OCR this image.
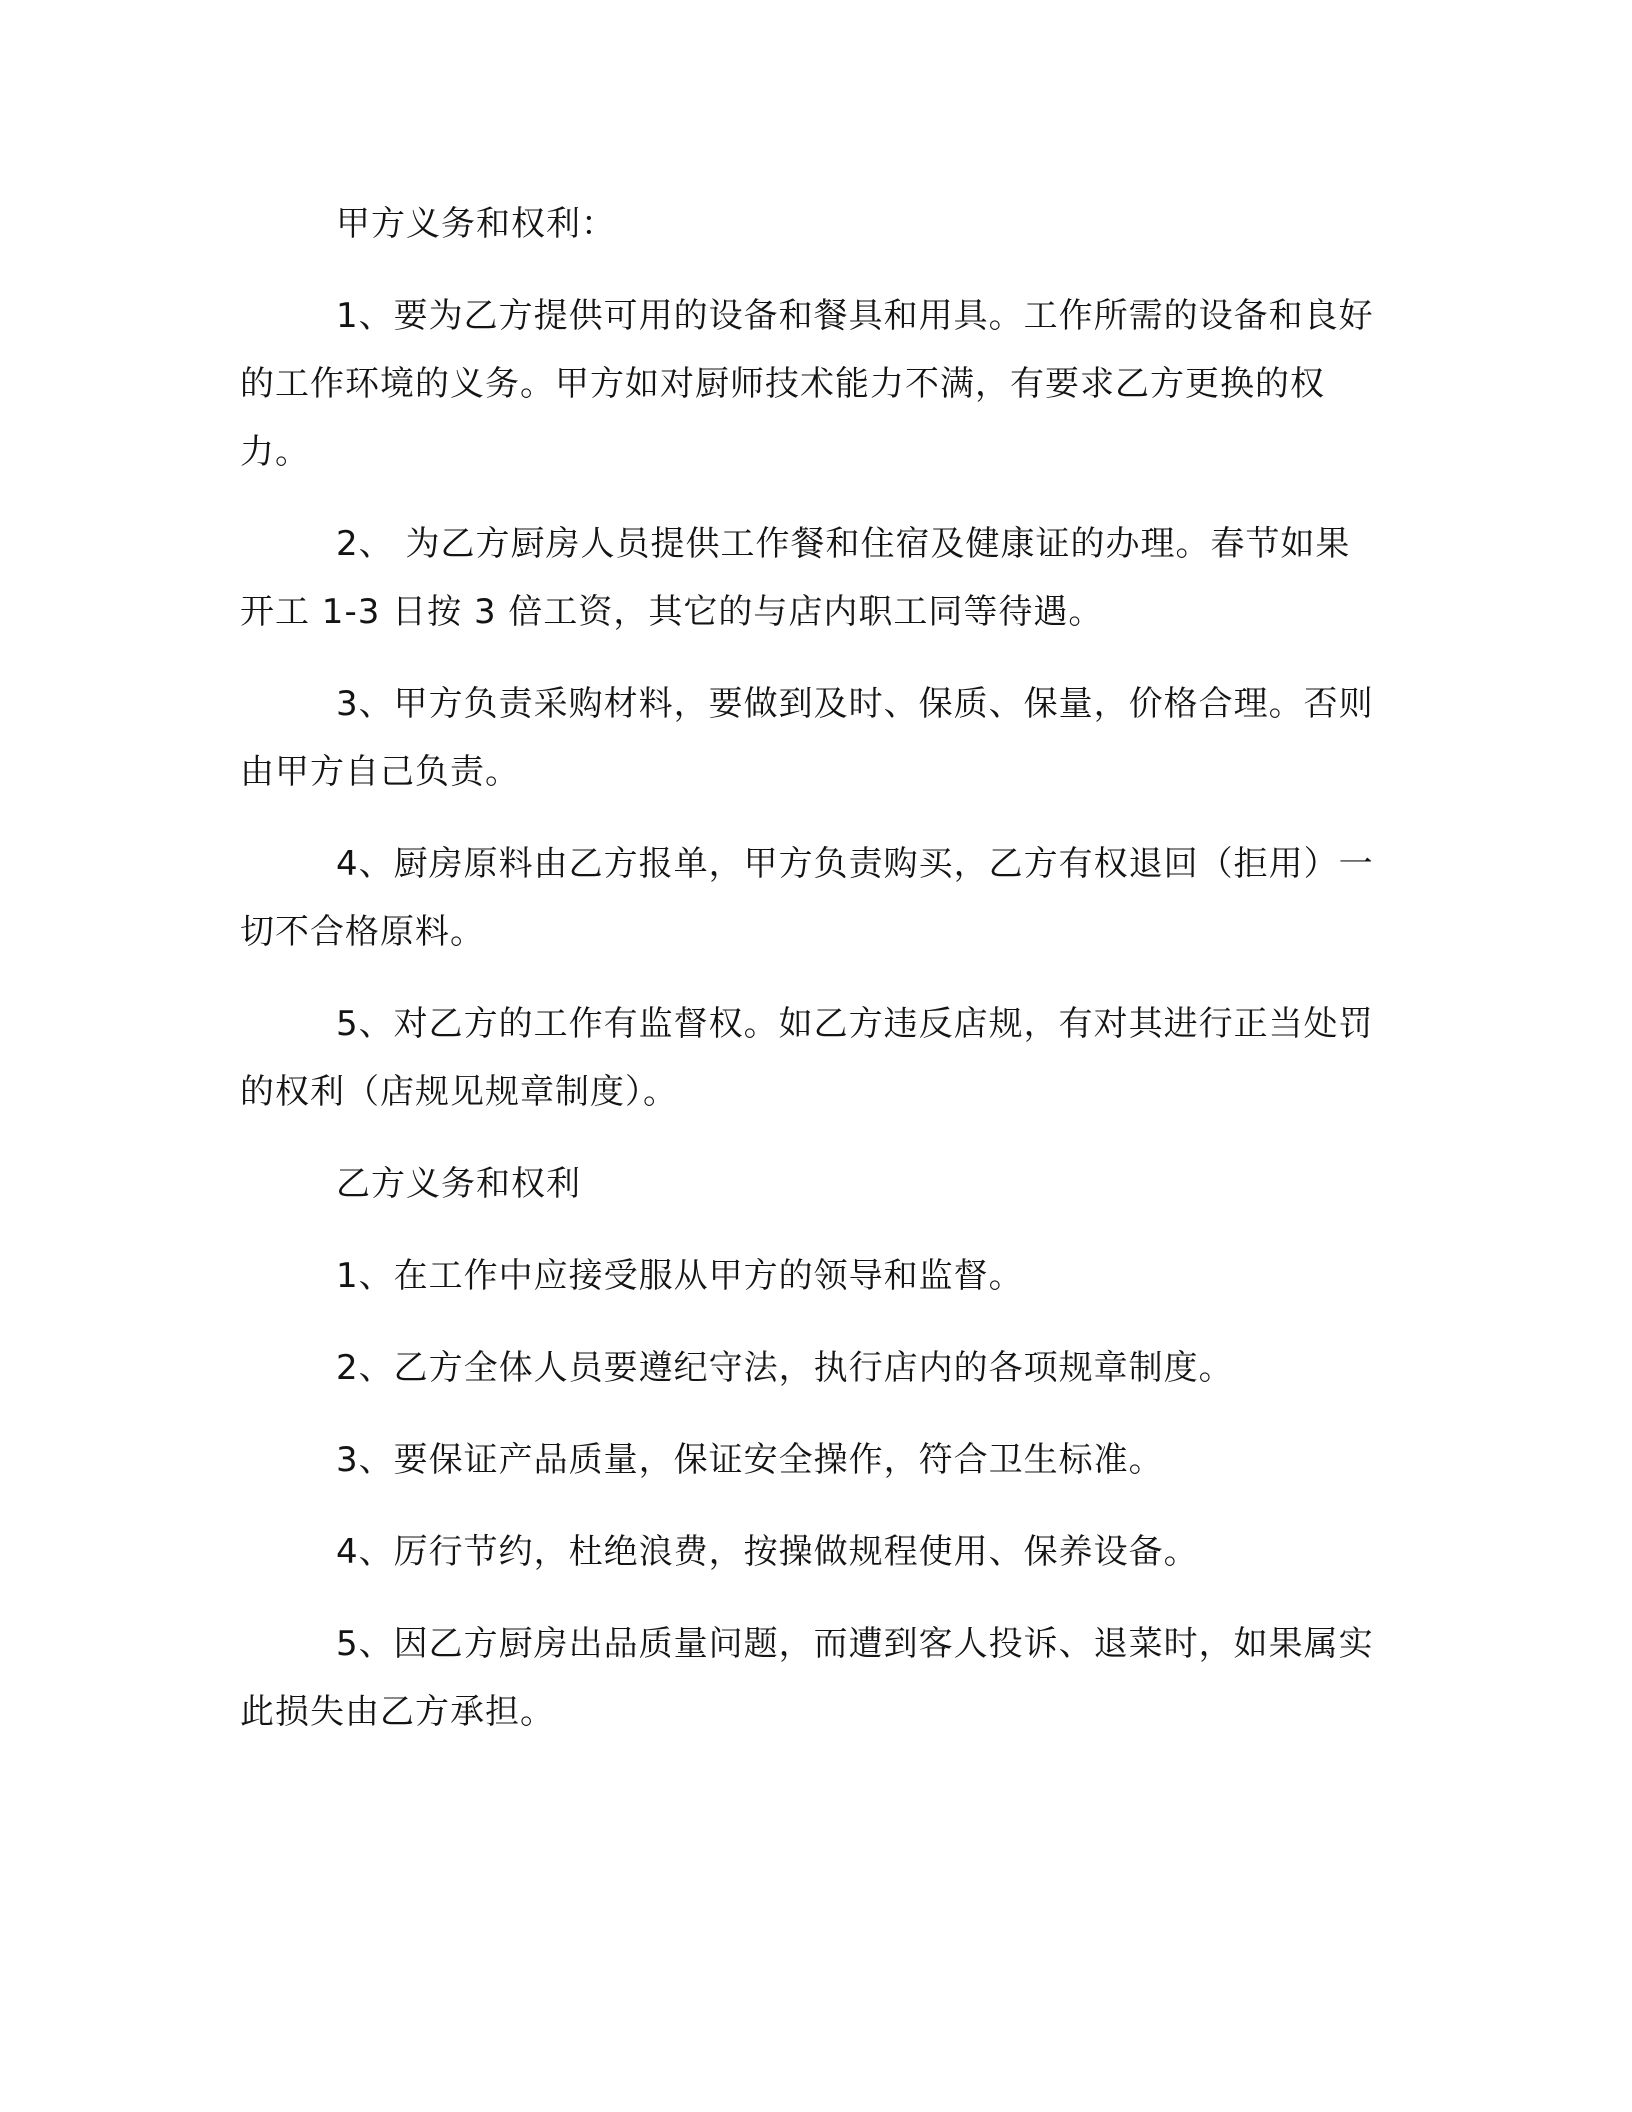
甲方义务和权利：

1、要为乙方提供可用的设备和餐具和用具。工作所需的设备和良好的工作环境的义务。甲方如对厨师技术能力不满，有要求乙方更换的权力。

2、 为乙方厨房人员提供工作餐和住宿及健康证的办理。春节如果开工 1-3 日按 3 倍工资，其它的与店内职工同等待遇。

3、甲方负责采购材料，要做到及时、保质、保量，价格合理。否则由甲方自己负责。

4、厨房原料由乙方报单，甲方负责购买，乙方有权退回（拒用）一切不合格原料。

5、对乙方的工作有监督权。如乙方违反店规，有对其进行正当处罚的权利（店规见规章制度）。

乙方义务和权利

1、在工作中应接受服从甲方的领导和监督。

2、乙方全体人员要遵纪守法，执行店内的各项规章制度。

3、要保证产品质量，保证安全操作，符合卫生标准。

4、厉行节约，杜绝浪费，按操做规程使用、保养设备。

5、因乙方厨房出品质量问题，而遭到客人投诉、退菜时，如果属实此损失由乙方承担。
